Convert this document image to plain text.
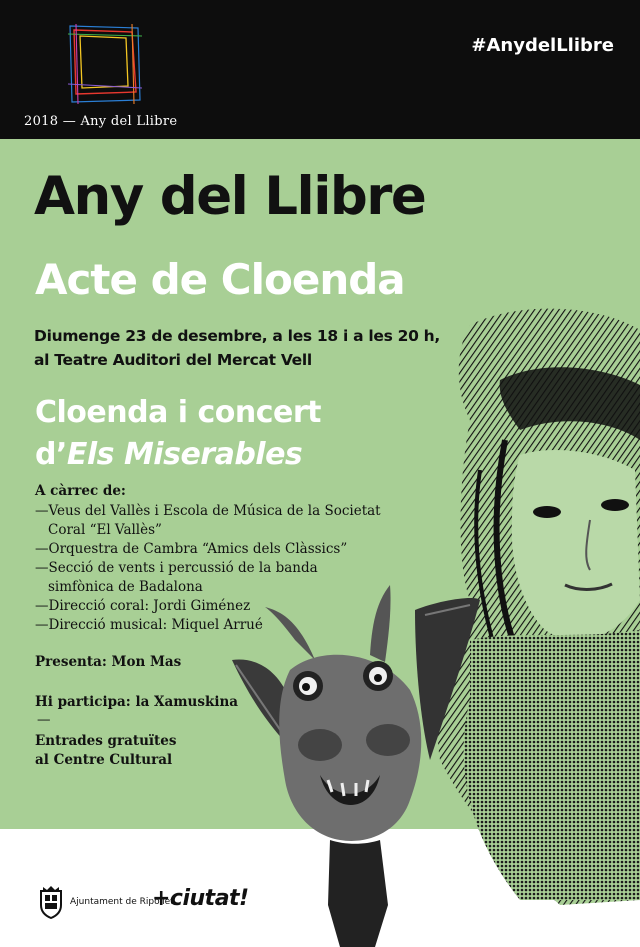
2018 — Any del Llibre
#AnydelLlibre
Any del Llibre
Acte de Cloenda
Diumenge 23 de desembre, a les 18 i a les 20 h,
al Teatre Auditori del Mercat Vell
Cloenda i concert
d’Els Miserables
A càrrec de:
—Veus del Vallès i Escola de Música de la Societat
Coral “El Vallès”
—Orquestra de Cambra “Amics dels Clàssics”
—Secció de vents i percussió de la banda
simfònica de Badalona
—Direcció coral: Jordi Giménez
—Direcció musical: Miquel Arrué
Presenta: Mon Mas
Hi participa: la Xamuskina
—
Entrades gratuïtes
al Centre Cultural
Ajuntament de Ripollet
+ciutat!
